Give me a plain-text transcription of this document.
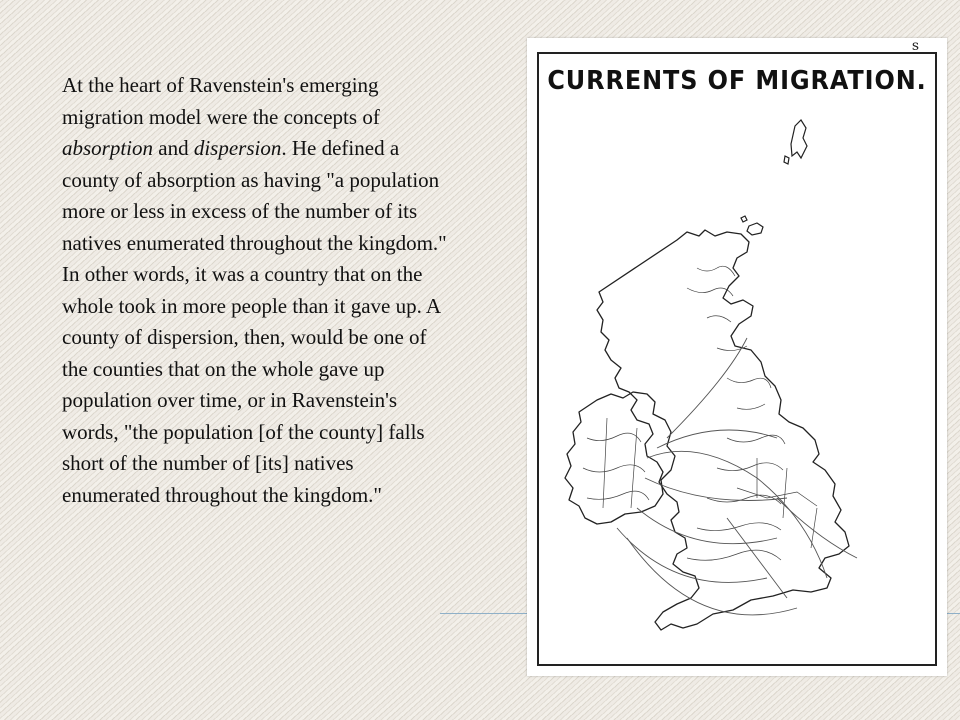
At the heart of Ravenstein's emerging migration model were the concepts of absorption and dispersion. He defined a county of absorption as having "a population more or less in excess of the number of its natives enumerated throughout the kingdom." In other words, it was a country that on the whole took in more people than it gave up. A county of dispersion, then, would be one of the counties that on the whole gave up population over time, or in Ravenstein's words, "the population [of the county] falls short of the number of [its] natives enumerated throughout the kingdom."

s
CURRENTS OF MIGRATION.
